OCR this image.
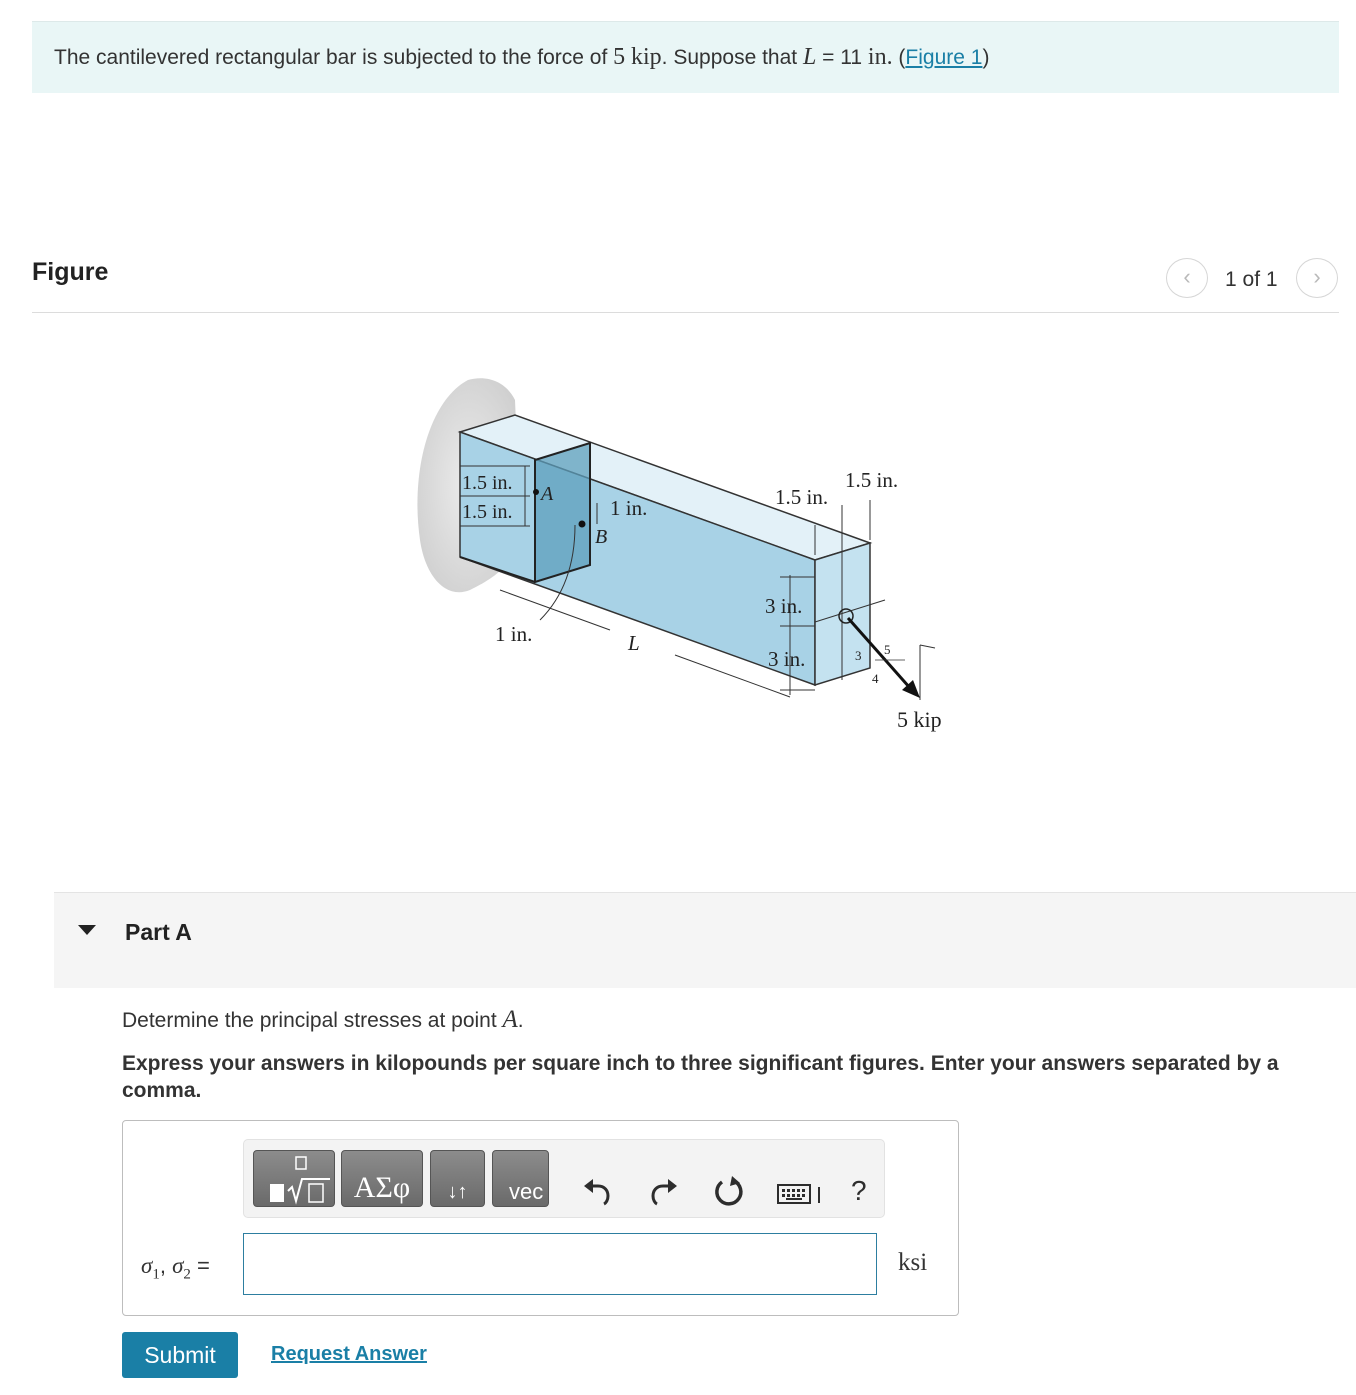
The cantilevered rectangular bar is subjected to the force of 5 kip. Suppose that L = 11 in. (Figure 1)
Figure	‹	1 of 1	›
1.5 in.
1.5 in.
A
B
1 in.
1 in.	L
1.5 in.
1.5 in.
3 in.
3 in.	3
4
5
5 kip
Part A
Determine the principal stresses at point A.
Express your answers in kilopounds per square inch to three significant figures. Enter your answers separated by a comma.
ΑΣφ	↓↑	vec	?
$\sigma_1$, $\sigma_2$ =	ksi
Submit	Request Answer
